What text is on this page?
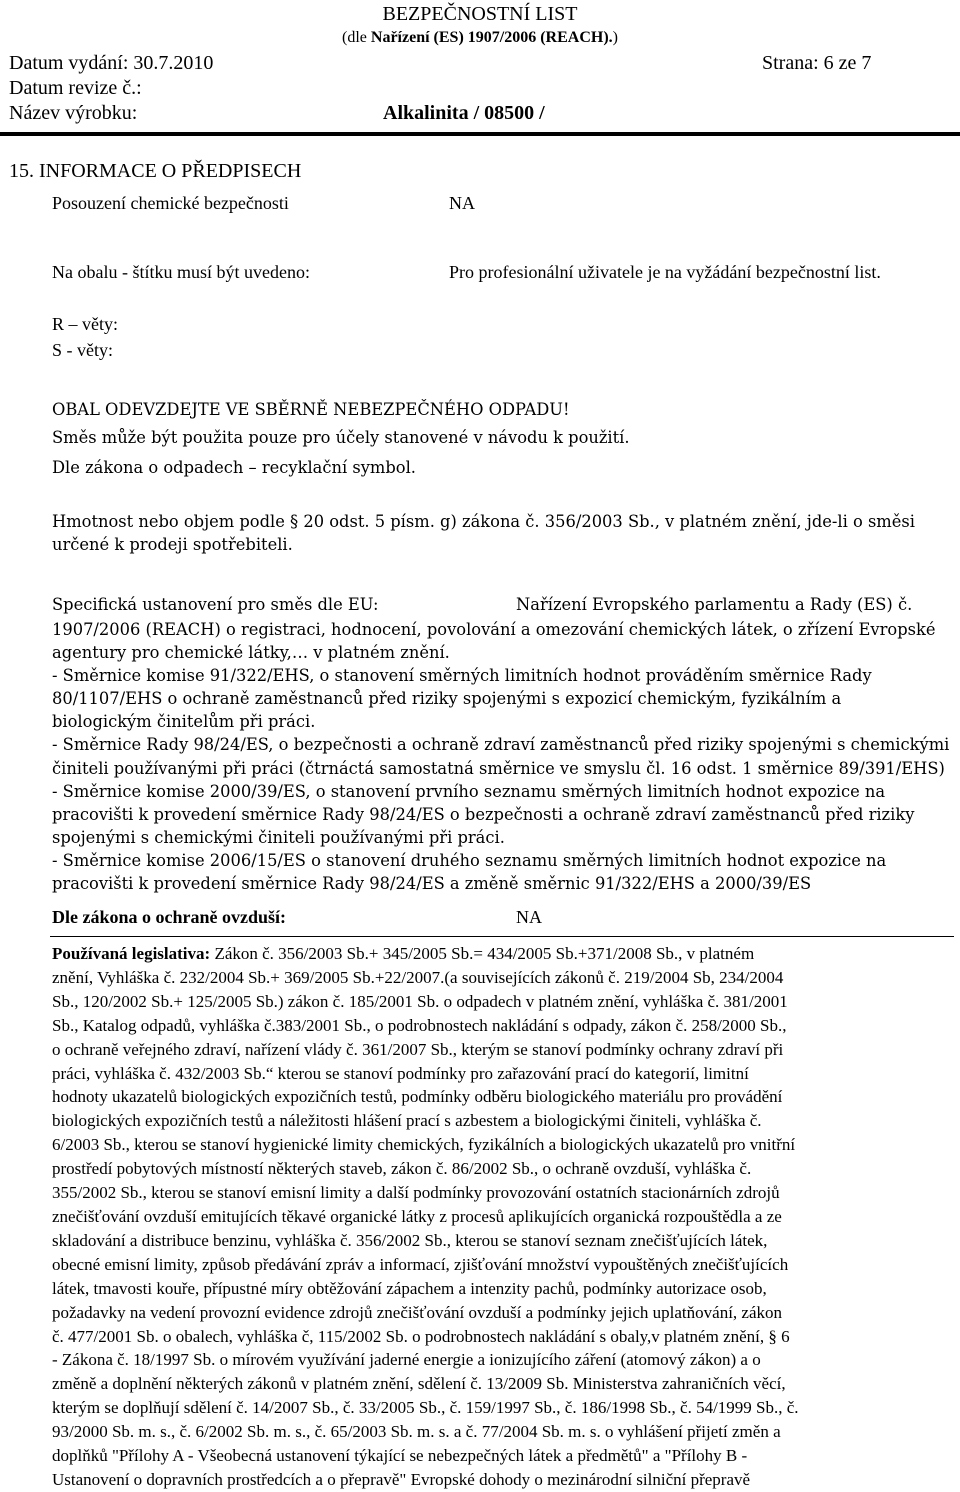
BEZPEČNOSTNÍ LIST
(dle Nařízení (ES) 1907/2006 (REACH).)
Datum vydání: 30.7.2010	Strana: 6 ze 7
Datum revize č.:
Název výrobku:	Alkalinita / 08500 /
15. INFORMACE O PŘEDPISECH
Posouzení chemické bezpečnosti	NA
Na obalu - štítku musí být uvedeno:	Pro profesionální uživatele je na vyžádání bezpečnostní list.
R – věty:
S - věty:
OBAL ODEVZDEJTE VE SBĚRNĚ NEBEZPEČNÉHO ODPADU!
Směs může být použita pouze pro účely stanovené v návodu k použití.
Dle zákona o odpadech – recyklační symbol.
Hmotnost nebo objem podle § 20 odst. 5 písm. g) zákona č. 356/2003 Sb., v platném znění, jde-li o směsi
určené k prodeji spotřebiteli.
Specifická ustanovení pro směs dle EU:	Nařízení Evropského parlamentu a Rady (ES) č.
1907/2006 (REACH) o registraci, hodnocení, povolování a omezování chemických látek, o zřízení Evropské
agentury pro chemické látky,… v platném znění.
- Směrnice komise 91/322/EHS, o stanovení směrných limitních hodnot prováděním směrnice Rady
80/1107/EHS o ochraně zaměstnanců před riziky spojenými s expozicí chemickým, fyzikálním a
biologickým činitelům při práci.
- Směrnice Rady 98/24/ES, o bezpečnosti a ochraně zdraví zaměstnanců před riziky spojenými s chemickými
činiteli používanými při práci (čtrnáctá samostatná směrnice ve smyslu čl. 16 odst. 1 směrnice 89/391/EHS)
- Směrnice komise 2000/39/ES, o stanovení prvního seznamu směrných limitních hodnot expozice na
pracovišti k provedení směrnice Rady 98/24/ES o bezpečnosti a ochraně zdraví zaměstnanců před riziky
spojenými s chemickými činiteli používanými při práci.
- Směrnice komise 2006/15/ES o stanovení druhého seznamu směrných limitních hodnot expozice na
pracovišti k provedení směrnice Rady 98/24/ES a změně směrnic 91/322/EHS a 2000/39/ES
Dle zákona o ochraně ovzduší:	NA
Používaná legislativa: Zákon č. 356/2003 Sb.+ 345/2005 Sb.= 434/2005 Sb.+371/2008 Sb., v platném
znění, Vyhláška č. 232/2004 Sb.+ 369/2005 Sb.+22/2007.(a souvisejících zákonů č. 219/2004 Sb, 234/2004
Sb., 120/2002 Sb.+ 125/2005 Sb.) zákon č. 185/2001 Sb. o odpadech v platném znění, vyhláška č. 381/2001
Sb., Katalog odpadů, vyhláška č.383/2001 Sb., o podrobnostech nakládání s odpady, zákon č. 258/2000 Sb.,
o ochraně veřejného zdraví, nařízení vlády č. 361/2007 Sb., kterým se stanoví podmínky ochrany zdraví při
práci, vyhláška č. 432/2003 Sb.“ kterou se stanoví podmínky pro zařazování prací do kategorií, limitní
hodnoty ukazatelů biologických expozičních testů, podmínky odběru biologického materiálu pro provádění
biologických expozičních testů a náležitosti hlášení prací s azbestem a biologickými činiteli, vyhláška č.
6/2003 Sb., kterou se stanoví hygienické limity chemických, fyzikálních a biologických ukazatelů pro vnitřní
prostředí pobytových místností některých staveb, zákon č. 86/2002 Sb., o ochraně ovzduší, vyhláška č.
355/2002 Sb., kterou se stanoví emisní limity a další podmínky provozování ostatních stacionárních zdrojů
znečišťování ovzduší emitujících těkavé organické látky z procesů aplikujících organická rozpouštědla a ze
skladování a distribuce benzinu, vyhláška č. 356/2002 Sb., kterou se stanoví seznam znečišťujících látek,
obecné emisní limity, způsob předávání zpráv a informací, zjišťování množství vypouštěných znečišťujících
látek, tmavosti kouře, přípustné míry obtěžování zápachem a intenzity pachů, podmínky autorizace osob,
požadavky na vedení provozní evidence zdrojů znečišťování ovzduší a podmínky jejich uplatňování, zákon
č. 477/2001 Sb. o obalech, vyhláška č, 115/2002 Sb. o podrobnostech nakládání s obaly,v platném znění, § 6
- Zákona č. 18/1997 Sb. o mírovém využívání jaderné energie a ionizujícího záření (atomový zákon) a o
změně a doplnění některých zákonů v platném znění, sdělení č. 13/2009 Sb. Ministerstva zahraničních věcí,
kterým se doplňují sdělení č. 14/2007 Sb., č. 33/2005 Sb., č. 159/1997 Sb., č. 186/1998 Sb., č. 54/1999 Sb., č.
93/2000 Sb. m. s., č. 6/2002 Sb. m. s., č. 65/2003 Sb. m. s. a č. 77/2004 Sb. m. s. o vyhlášení přijetí změn a
doplňků "Přílohy A - Všeobecná ustanovení týkající se nebezpečných látek a předmětů" a "Přílohy B -
Ustanovení o dopravních prostředcích a o přepravě" Evropské dohody o mezinárodní silniční přepravě
